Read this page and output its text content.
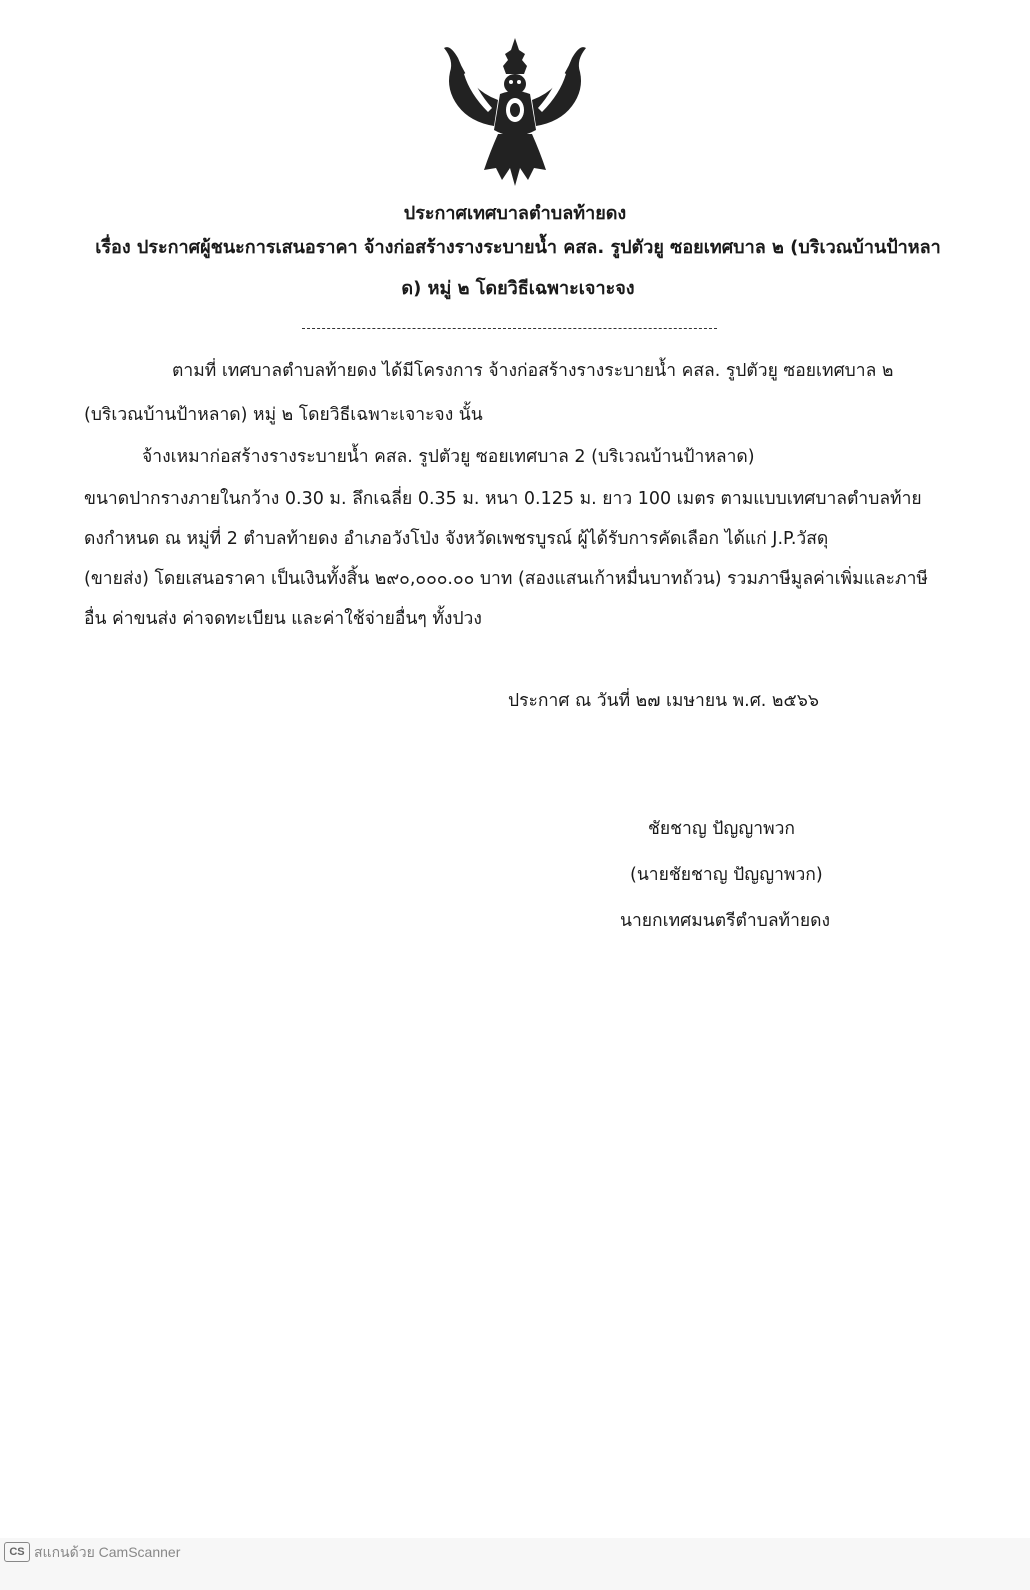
ประกาศเทศบาลตำบลท้ายดง
เรื่อง ประกาศผู้ชนะการเสนอราคา จ้างก่อสร้างรางระบายน้ำ คสล. รูปตัวยู ซอยเทศบาล ๒ (บริเวณบ้านป้าหลา
ด) หมู่ ๒ โดยวิธีเฉพาะเจาะจง
ตามที่ เทศบาลตำบลท้ายดง ได้มีโครงการ จ้างก่อสร้างรางระบายน้ำ คสล. รูปตัวยู ซอยเทศบาล ๒
(บริเวณบ้านป้าหลาด) หมู่ ๒ โดยวิธีเฉพาะเจาะจง นั้น
จ้างเหมาก่อสร้างรางระบายน้ำ คสล. รูปตัวยู ซอยเทศบาล 2 (บริเวณบ้านป้าหลาด)
ขนาดปากรางภายในกว้าง 0.30 ม. ลึกเฉลี่ย 0.35 ม. หนา 0.125 ม. ยาว 100 เมตร ตามแบบเทศบาลตำบลท้าย
ดงกำหนด ณ หมู่ที่ 2 ตำบลท้ายดง อำเภอวังโป่ง จังหวัดเพชรบูรณ์ ผู้ได้รับการคัดเลือก ได้แก่ J.P.วัสดุ
(ขายส่ง) โดยเสนอราคา เป็นเงินทั้งสิ้น ๒๙๐,๐๐๐.๐๐ บาท (สองแสนเก้าหมื่นบาทถ้วน) รวมภาษีมูลค่าเพิ่มและภาษี
อื่น ค่าขนส่ง ค่าจดทะเบียน และค่าใช้จ่ายอื่นๆ ทั้งปวง
ประกาศ ณ วันที่ ๒๗ เมษายน พ.ศ. ๒๕๖๖
ชัยชาญ ปัญญาพวก
(นายชัยชาญ ปัญญาพวก)
นายกเทศมนตรีตำบลท้ายดง
CS สแกนด้วย CamScanner
